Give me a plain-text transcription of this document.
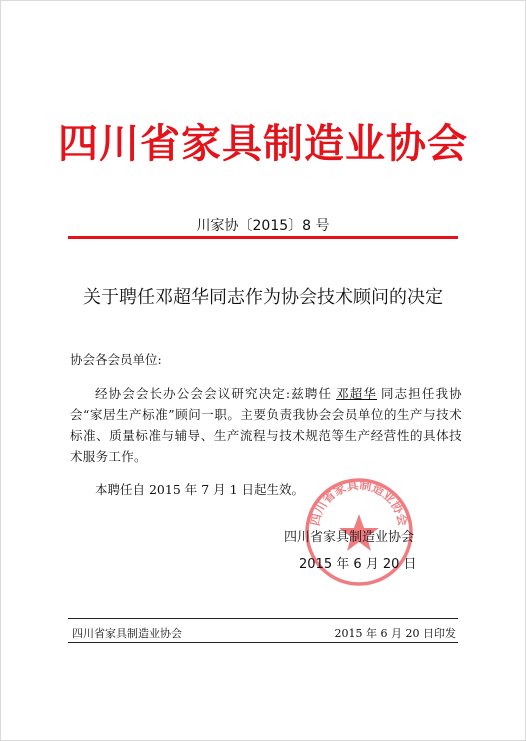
四川省家具制造业协会
川家协〔2015〕8 号
关于聘任邓超华同志作为协会技术顾问的决定
协会各会员单位:
经协会会长办公会会议研究决定:兹聘任 邓超华 同志担任我协会“家居生产标准”顾问一职。主要负责我协会会员单位的生产与技术标准、质量标准与辅导、生产流程与技术规范等生产经营性的具体技术服务工作。
本聘任自 2015 年 7 月 1 日起生效。
四川省家具制造业协会
四川省家具制造业协会
2015 年 6 月 20 日
四川省家具制造业协会	2015 年 6 月 20 日印发
